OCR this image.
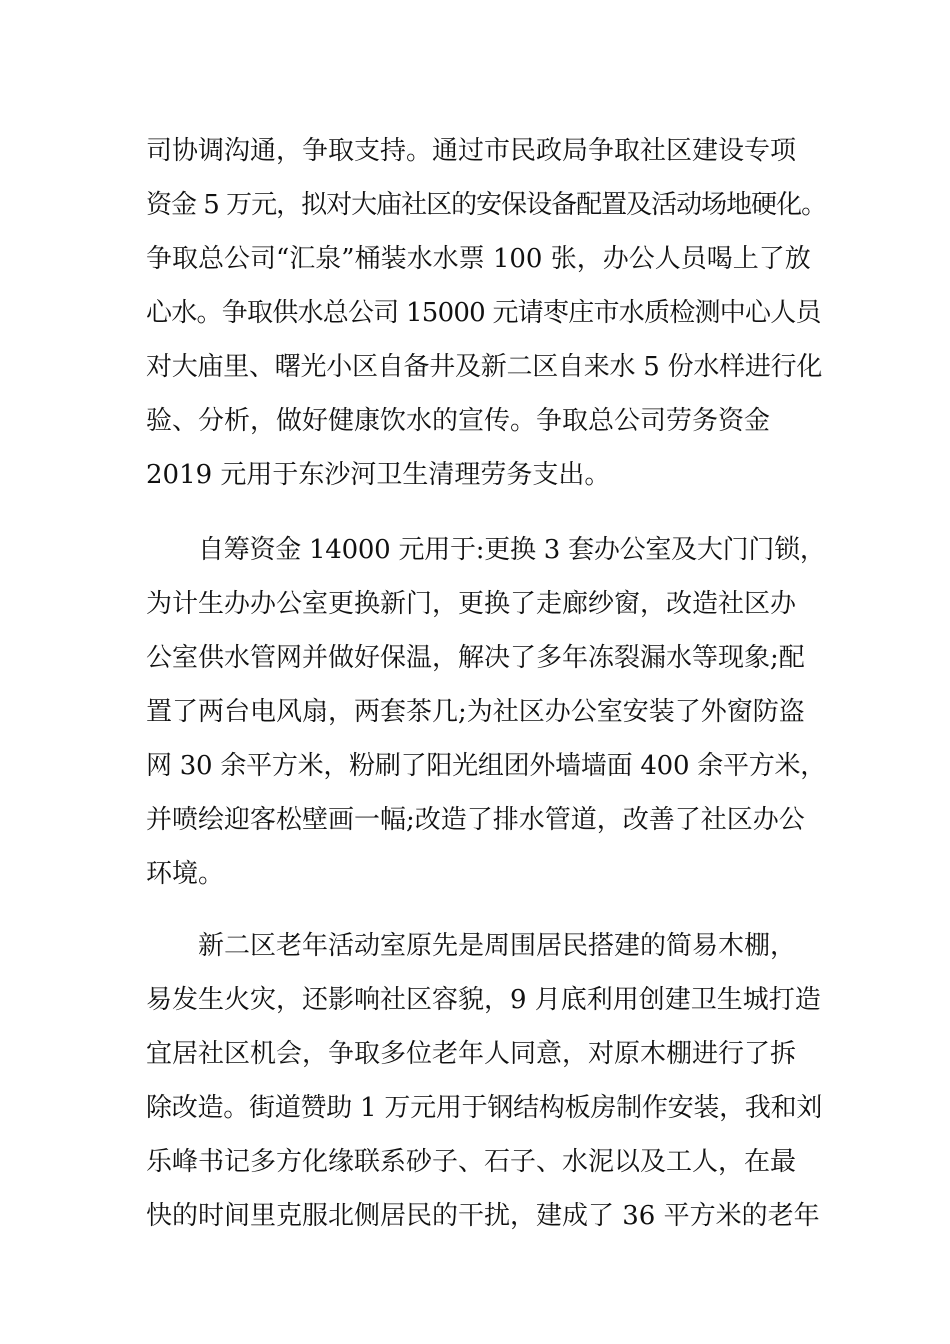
司协调沟通，争取支持。通过市民政局争取社区建设专项
资金 5 万元，拟对大庙社区的安保设备配置及活动场地硬化。
争取总公司“汇泉”桶装水水票 100 张，办公人员喝上了放
心水。争取供水总公司 15000 元请枣庄市水质检测中心人员
对大庙里、曙光小区自备井及新二区自来水 5 份水样进行化
验、分析，做好健康饮水的宣传。争取总公司劳务资金
2019 元用于东沙河卫生清理劳务支出。
自筹资金 14000 元用于:更换 3 套办公室及大门门锁，
为计生办办公室更换新门，更换了走廊纱窗，改造社区办
公室供水管网并做好保温，解决了多年冻裂漏水等现象;配
置了两台电风扇，两套茶几;为社区办公室安装了外窗防盗
网 30 余平方米，粉刷了阳光组团外墙墙面 400 余平方米，
并喷绘迎客松壁画一幅;改造了排水管道，改善了社区办公
环境。
新二区老年活动室原先是周围居民搭建的简易木棚，
易发生火灾，还影响社区容貌，9 月底利用创建卫生城打造
宜居社区机会，争取多位老年人同意，对原木棚进行了拆
除改造。街道赞助 1 万元用于钢结构板房制作安装，我和刘
乐峰书记多方化缘联系砂子、石子、水泥以及工人，在最
快的时间里克服北侧居民的干扰，建成了 36 平方米的老年
